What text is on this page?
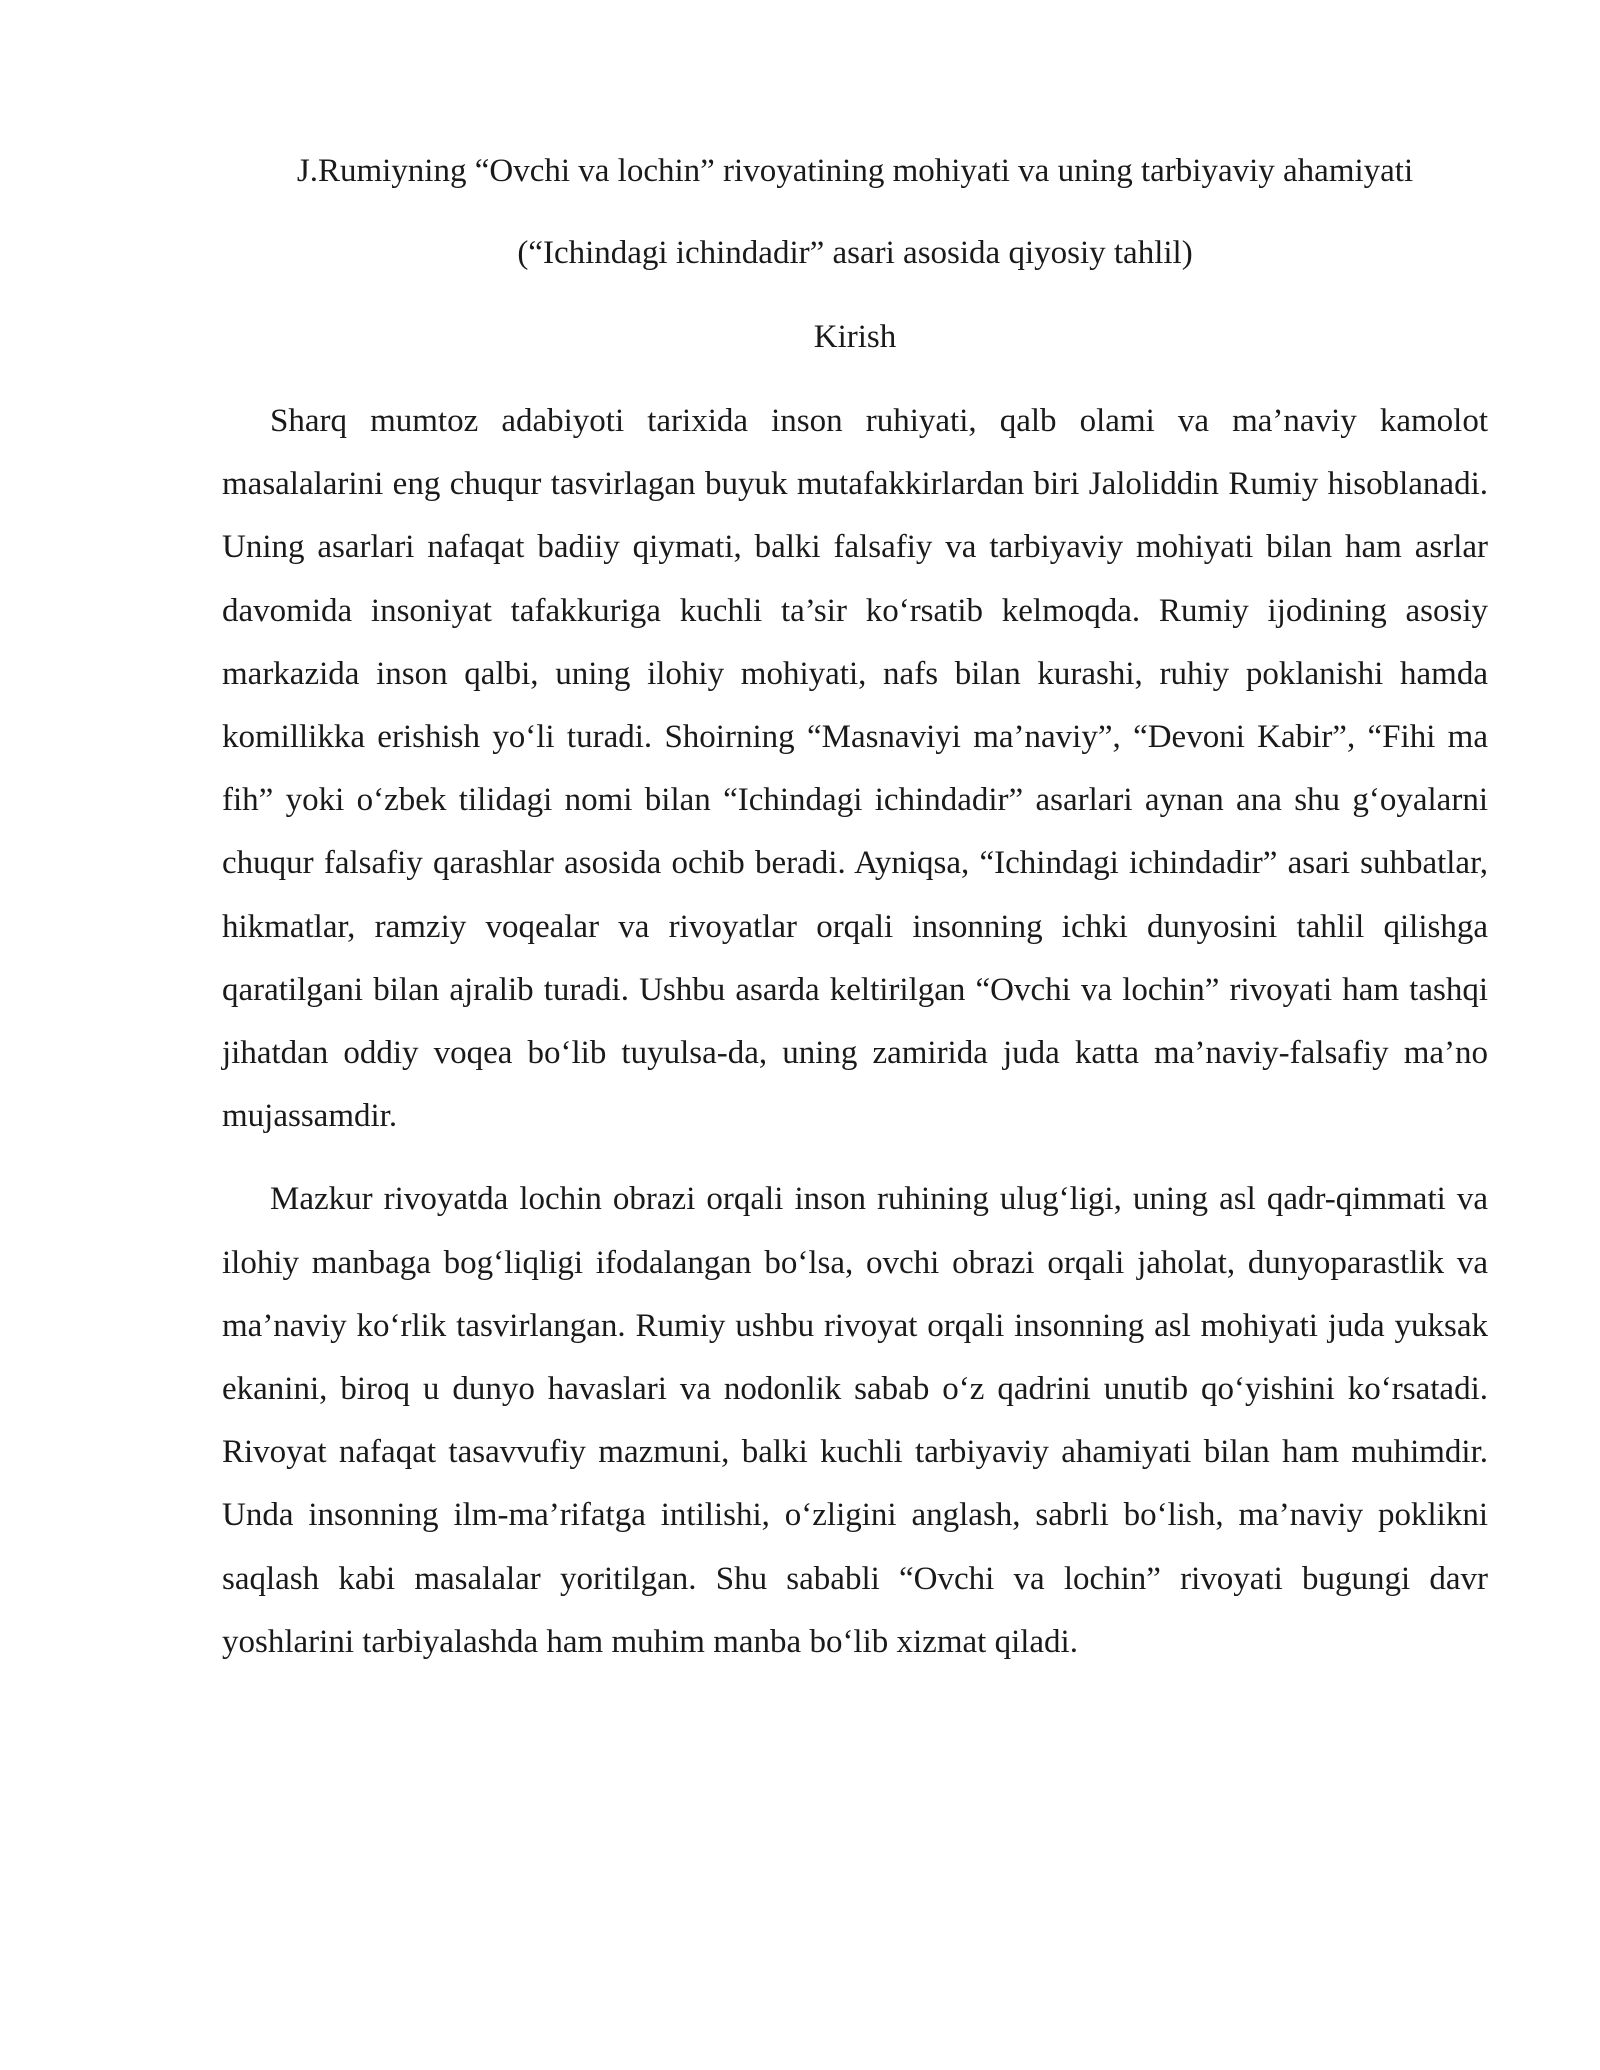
J.Rumiyning “Ovchi va lochin” rivoyatining mohiyati va uning tarbiyaviy ahamiyati
(“Ichindagi ichindadir” asari asosida qiyosiy tahlil)
Kirish

Sharq mumtoz adabiyoti tarixida inson ruhiyati, qalb olami va ma’naviy kamolot masalalarini eng chuqur tasvirlagan buyuk mutafakkirlardan biri Jaloliddin Rumiy hisoblanadi. Uning asarlari nafaqat badiiy qiymati, balki falsafiy va tarbiyaviy mohiyati bilan ham asrlar davomida insoniyat tafakkuriga kuchli ta’sir ko‘rsatib kelmoqda. Rumiy ijodining asosiy markazida inson qalbi, uning ilohiy mohiyati, nafs bilan kurashi, ruhiy poklanishi hamda komillikka erishish yo‘li turadi. Shoirning “Masnaviyi ma’naviy”, “Devoni Kabir”, “Fihi ma fih” yoki o‘zbek tilidagi nomi bilan “Ichindagi ichindadir” asarlari aynan ana shu g‘oyalarni chuqur falsafiy qarashlar asosida ochib beradi. Ayniqsa, “Ichindagi ichindadir” asari suhbatlar, hikmatlar, ramziy voqealar va rivoyatlar orqali insonning ichki dunyosini tahlil qilishga qaratilgani bilan ajralib turadi. Ushbu asarda keltirilgan “Ovchi va lochin” rivoyati ham tashqi jihatdan oddiy voqea bo‘lib tuyulsa-da, uning zamirida juda katta ma’naviy-falsafiy ma’no mujassamdir.

Mazkur rivoyatda lochin obrazi orqali inson ruhining ulug‘ligi, uning asl qadr-qimmati va ilohiy manbaga bog‘liqligi ifodalangan bo‘lsa, ovchi obrazi orqali jaholat, dunyoparastlik va ma’naviy ko‘rlik tasvirlangan. Rumiy ushbu rivoyat orqali insonning asl mohiyati juda yuksak ekanini, biroq u dunyo havaslari va nodonlik sabab o‘z qadrini unutib qo‘yishini ko‘rsatadi. Rivoyat nafaqat tasavvufiy mazmuni, balki kuchli tarbiyaviy ahamiyati bilan ham muhimdir. Unda insonning ilm-ma’rifatga intilishi, o‘zligini anglash, sabrli bo‘lish, ma’naviy poklikni saqlash kabi masalalar yoritilgan. Shu sababli “Ovchi va lochin” rivoyati bugungi davr yoshlarini tarbiyalashda ham muhim manba bo‘lib xizmat qiladi.
